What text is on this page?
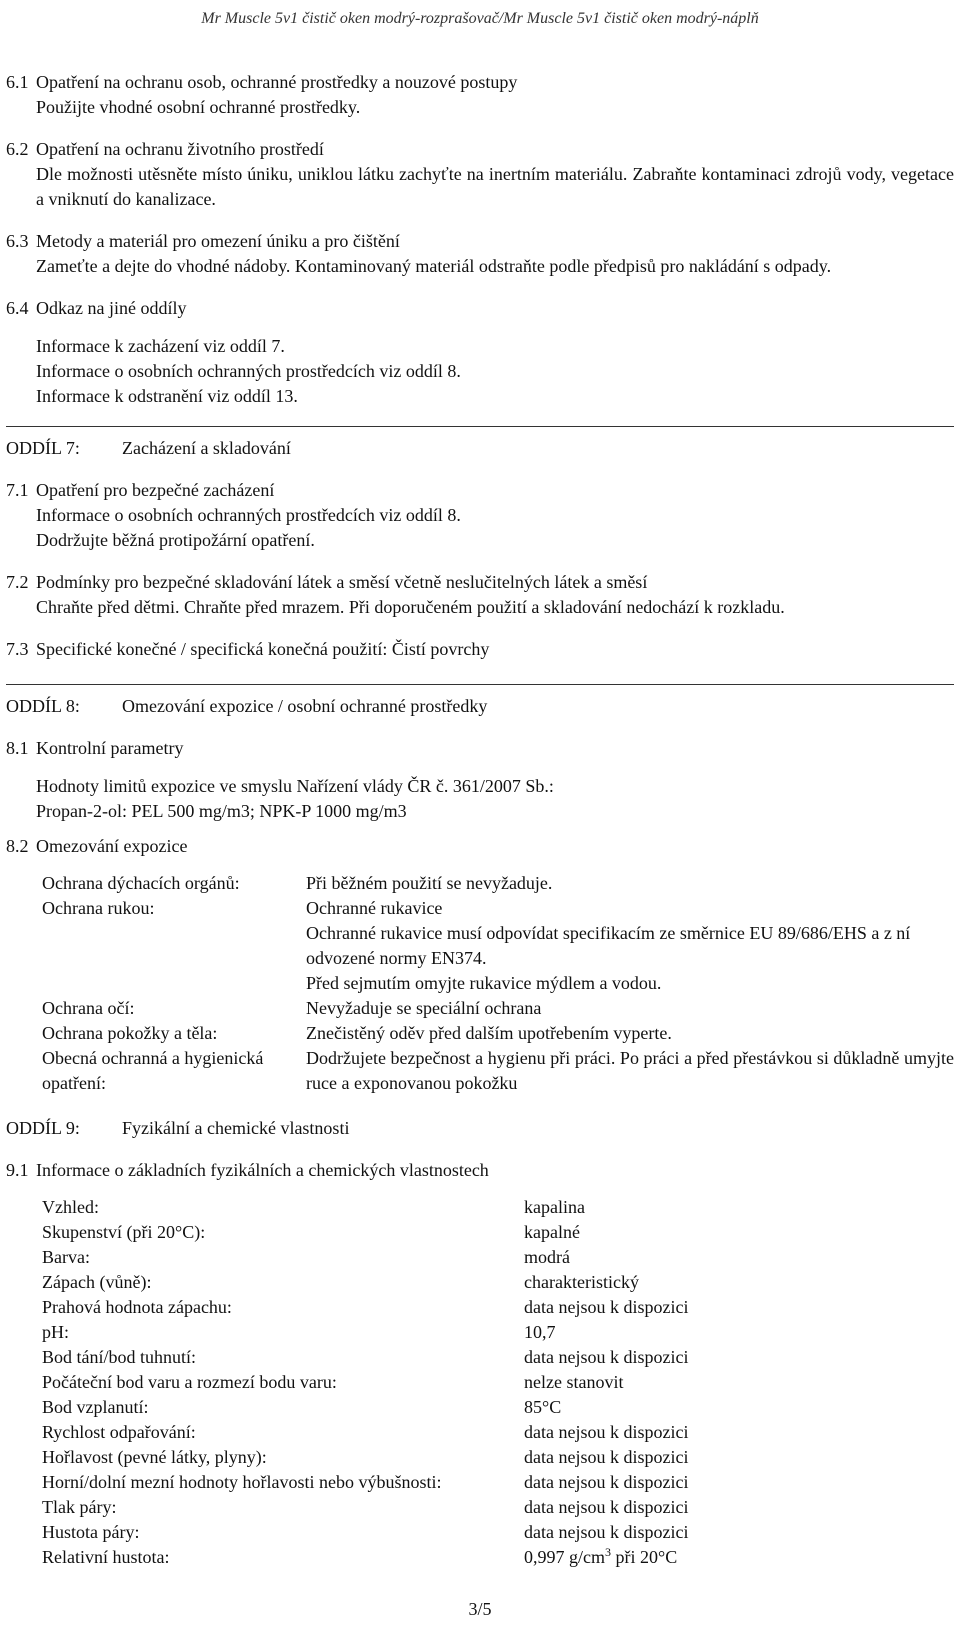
Mr Muscle 5v1 čistič oken modrý-rozprašovač/Mr Muscle 5v1 čistič oken modrý-náplň
6.1 Opatření na ochranu osob, ochranné prostředky a nouzové postupy

Použijte vhodné osobní ochranné prostředky.

6.2 Opatření na ochranu životního prostředí

Dle možnosti utěsněte místo úniku, uniklou látku zachyťte na inertním materiálu. Zabraňte kontaminaci zdrojů vody, vegetace a vniknutí do kanalizace.

6.3 Metody a materiál pro omezení úniku a pro čištění

Zameťte a dejte do vhodné nádoby. Kontaminovaný materiál odstraňte podle předpisů pro nakládání s odpady.

6.4 Odkaz na jiné oddíly

Informace k zacházení viz oddíl 7.

Informace o osobních ochranných prostředcích viz oddíl 8.

Informace k odstranění viz oddíl 13.

ODDÍL 7:	Zacházení a skladování
7.1 Opatření pro bezpečné zacházení

Informace o osobních ochranných prostředcích viz oddíl 8.

Dodržujte běžná protipožární opatření.

7.2 Podmínky pro bezpečné skladování látek a směsí včetně neslučitelných látek a směsí

Chraňte před dětmi. Chraňte před mrazem. Při doporučeném použití a skladování nedochází k rozkladu.

7.3 Specifické konečné / specifická konečná použití: Čistí povrchy

ODDÍL 8:	Omezování expozice / osobní ochranné prostředky
8.1 Kontrolní parametry

Hodnoty limitů expozice ve smyslu Nařízení vlády ČR č. 361/2007 Sb.:

Propan-2-ol: PEL 500 mg/m3; NPK-P 1000 mg/m3

8.2 Omezování expozice

Ochrana dýchacích orgánů:	Při běžném použití se nevyžaduje.

Ochrana rukou:	Ochranné rukavice

Ochranné rukavice musí odpovídat specifikacím ze směrnice EU 89/686/EHS a z ní odvozené normy EN374.

Před sejmutím omyjte rukavice mýdlem a vodou.

Ochrana očí:	Nevyžaduje se speciální ochrana

Ochrana pokožky a těla:	Znečistěný oděv před dalším upotřebením vyperte.

Obecná ochranná a hygienická opatření:

Dodržujete bezpečnost a hygienu při práci. Po práci a před přestávkou si důkladně umyjte ruce a exponovanou pokožku

ODDÍL 9:	Fyzikální a chemické vlastnosti
9.1 Informace o základních fyzikálních a chemických vlastnostech

Vzhled:	kapalina
Skupenství (při 20°C):	kapalné
Barva:	modrá
Zápach (vůně):	charakteristický
Prahová hodnota zápachu:	data nejsou k dispozici
pH:	10,7
Bod tání/bod tuhnutí:	data nejsou k dispozici
Počáteční bod varu a rozmezí bodu varu:	nelze stanovit
Bod vzplanutí:	85°C
Rychlost odpařování:	data nejsou k dispozici
Hořlavost (pevné látky, plyny):	data nejsou k dispozici
Horní/dolní mezní hodnoty hořlavosti nebo výbušnosti:	data nejsou k dispozici
Tlak páry:	data nejsou k dispozici
Hustota páry:	data nejsou k dispozici
Relativní hustota:	0,997 $g/cm^3$ při 20°C
3/5
